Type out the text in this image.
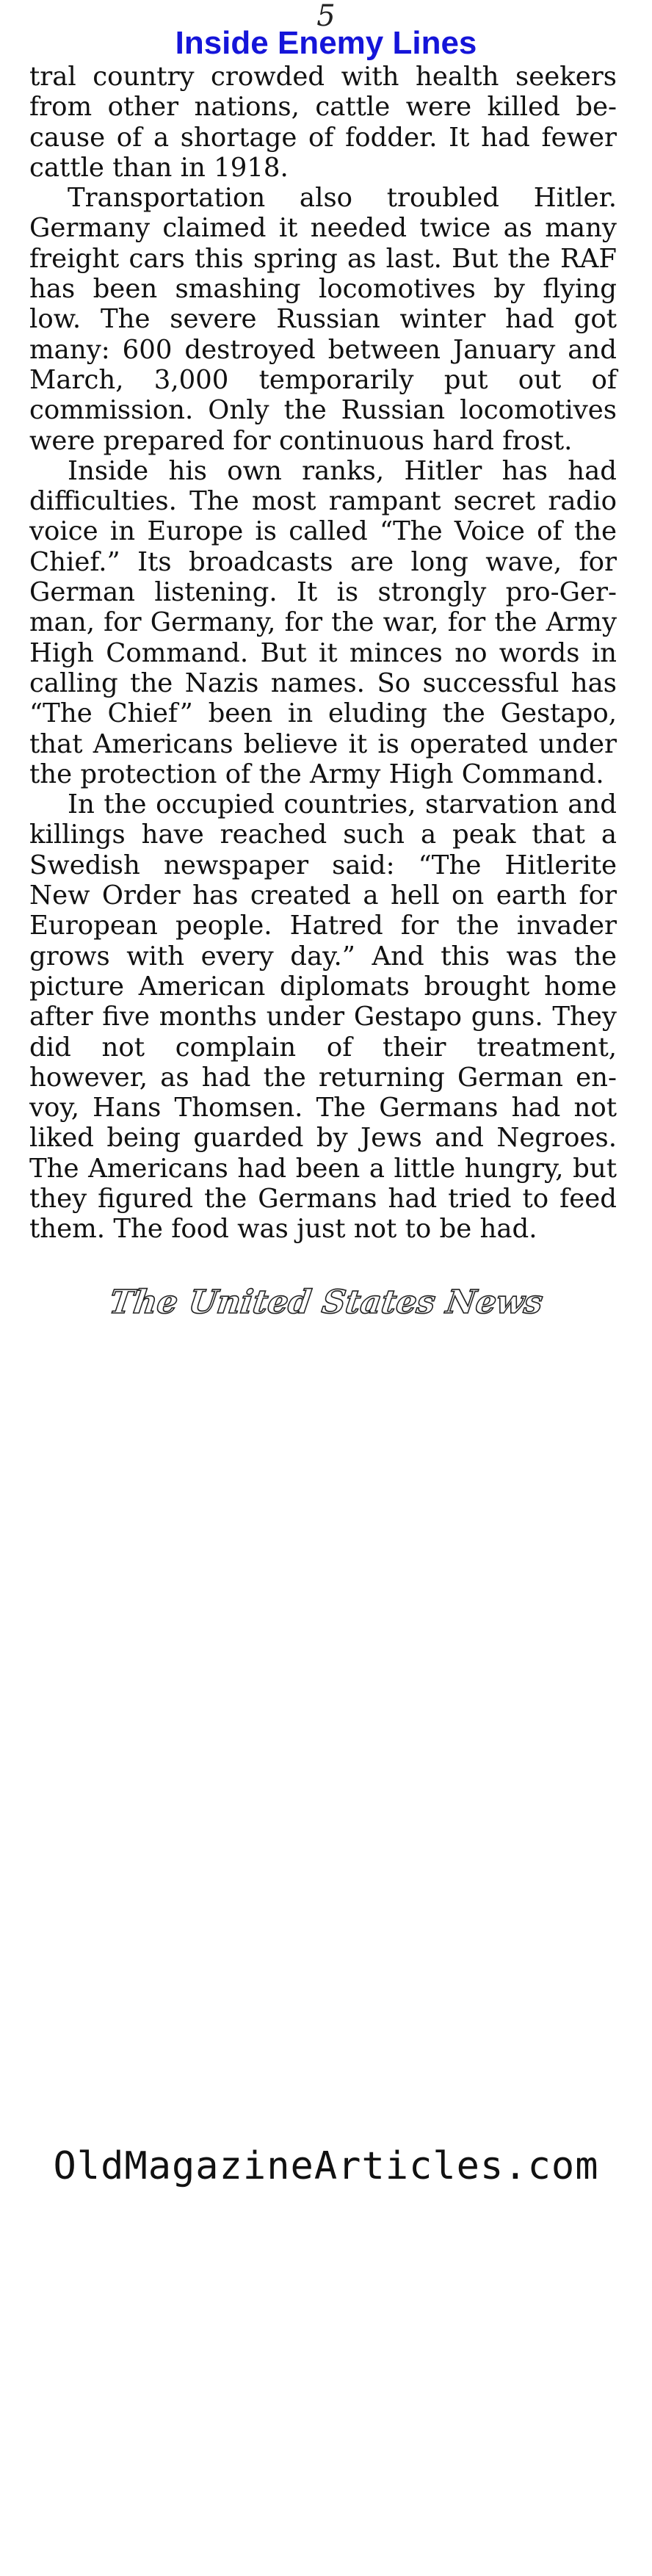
5
Inside Enemy Lines

tral country crowded with health seekers from other nations, cattle were killed because of a shortage of fodder. It had fewer cattle than in 1918.

Transportation also troubled Hitler. Germany claimed it needed twice as many freight cars this spring as last. But the RAF has been smashing locomotives by flying low. The severe Russian winter had got many: 600 destroyed between January and March, 3,000 temporarily put out of commission. Only the Russian locomotives were prepared for continuous hard frost.

Inside his own ranks, Hitler has had difficulties. The most rampant secret radio voice in Europe is called “The Voice of the Chief.” Its broadcasts are long wave, for German listening. It is strongly pro-German, for Germany, for the war, for the Army High Command. But it minces no words in calling the Nazis names. So successful has “The Chief” been in eluding the Gestapo, that Americans believe it is operated under the protection of the Army High Command.

In the occupied countries, starvation and killings have reached such a peak that a Swedish newspaper said: “The Hitlerite New Order has created a hell on earth for European people. Hatred for the invader grows with every day.” And this was the picture American diplomats brought home after five months under Gestapo guns. They did not complain of their treatment, however, as had the returning German envoy, Hans Thomsen. The Germans had not liked being guarded by Jews and Negroes. The Americans had been a little hungry, but they figured the Germans had tried to feed them. The food was just not to be had.

The United States News
OldMagazineArticles.com
